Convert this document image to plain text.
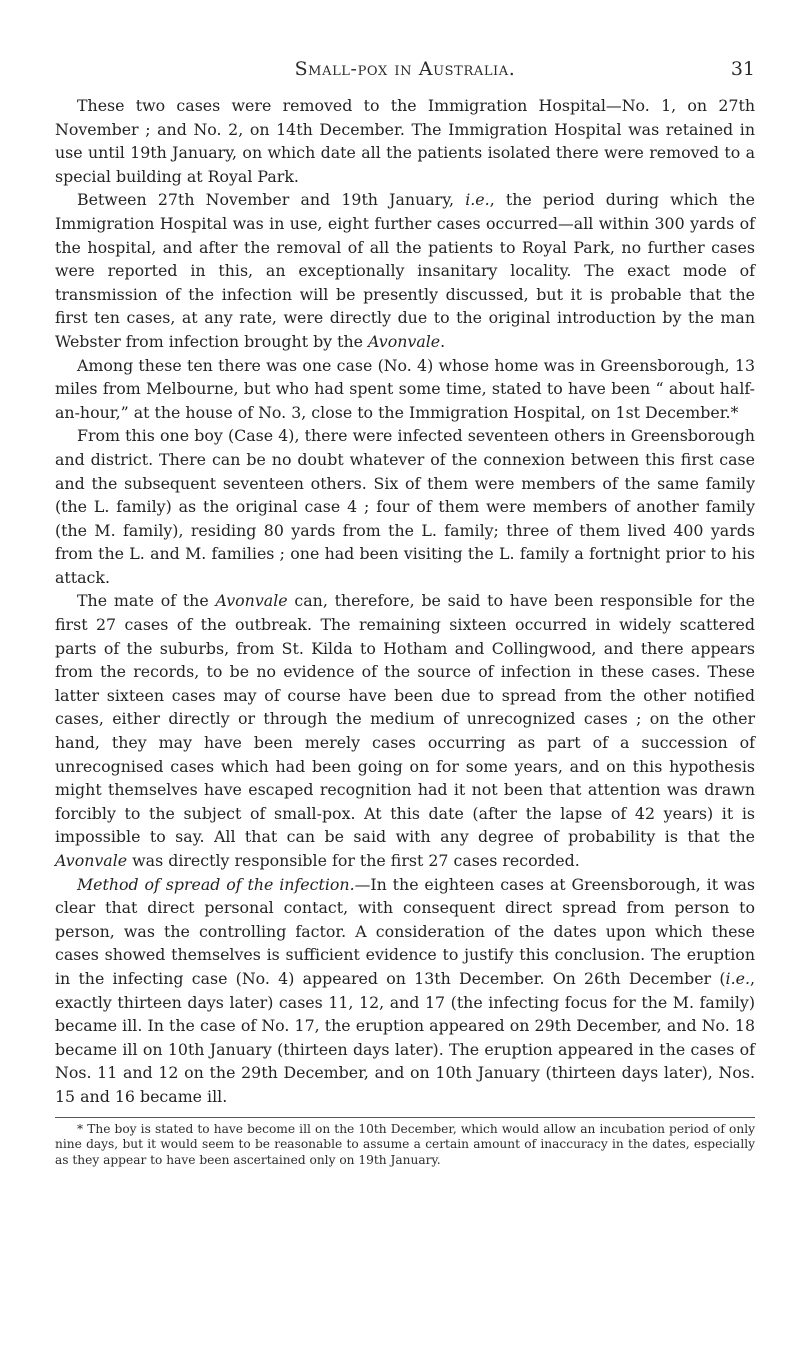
Small-pox in Australia.	31

These two cases were removed to the Immigration Hospital—No. 1, on 27th November ; and No. 2, on 14th December. The Immigration Hospital was retained in use until 19th January, on which date all the patients isolated there were removed to a special building at Royal Park.

Between 27th November and 19th January, i.e., the period during which the Immigration Hospital was in use, eight further cases occurred—all within 300 yards of the hospital, and after the removal of all the patients to Royal Park, no further cases were reported in this, an exceptionally insanitary locality. The exact mode of transmission of the infection will be presently discussed, but it is probable that the first ten cases, at any rate, were directly due to the original introduction by the man Webster from infection brought by the Avonvale.

Among these ten there was one case (No. 4) whose home was in Greensborough, 13 miles from Melbourne, but who had spent some time, stated to have been “ about half-an-hour,” at the house of No. 3, close to the Immigration Hospital, on 1st December.*

From this one boy (Case 4), there were infected seventeen others in Greensborough and district. There can be no doubt whatever of the connexion between this first case and the subsequent seventeen others. Six of them were members of the same family (the L. family) as the original case 4 ; four of them were members of another family (the M. family), residing 80 yards from the L. family; three of them lived 400 yards from the L. and M. families ; one had been visiting the L. family a fortnight prior to his attack.

The mate of the Avonvale can, therefore, be said to have been responsible for the first 27 cases of the outbreak. The remaining sixteen occurred in widely scattered parts of the suburbs, from St. Kilda to Hotham and Collingwood, and there appears from the records, to be no evidence of the source of infection in these cases. These latter sixteen cases may of course have been due to spread from the other notified cases, either directly or through the medium of unrecognized cases ; on the other hand, they may have been merely cases occurring as part of a succession of unrecognised cases which had been going on for some years, and on this hypothesis might themselves have escaped recognition had it not been that attention was drawn forcibly to the subject of small-pox. At this date (after the lapse of 42 years) it is impossible to say. All that can be said with any degree of probability is that the Avonvale was directly responsible for the first 27 cases recorded.

Method of spread of the infection.—In the eighteen cases at Greensborough, it was clear that direct personal contact, with consequent direct spread from person to person, was the controlling factor. A consideration of the dates upon which these cases showed themselves is sufficient evidence to justify this conclusion. The eruption in the infecting case (No. 4) appeared on 13th December. On 26th December (i.e., exactly thirteen days later) cases 11, 12, and 17 (the infecting focus for the M. family) became ill. In the case of No. 17, the eruption appeared on 29th December, and No. 18 became ill on 10th January (thirteen days later). The eruption appeared in the cases of Nos. 11 and 12 on the 29th December, and on 10th January (thirteen days later), Nos. 15 and 16 became ill.

* The boy is stated to have become ill on the 10th December, which would allow an incubation period of only nine days, but it would seem to be reasonable to assume a certain amount of inaccuracy in the dates, especially as they appear to have been ascertained only on 19th January.
